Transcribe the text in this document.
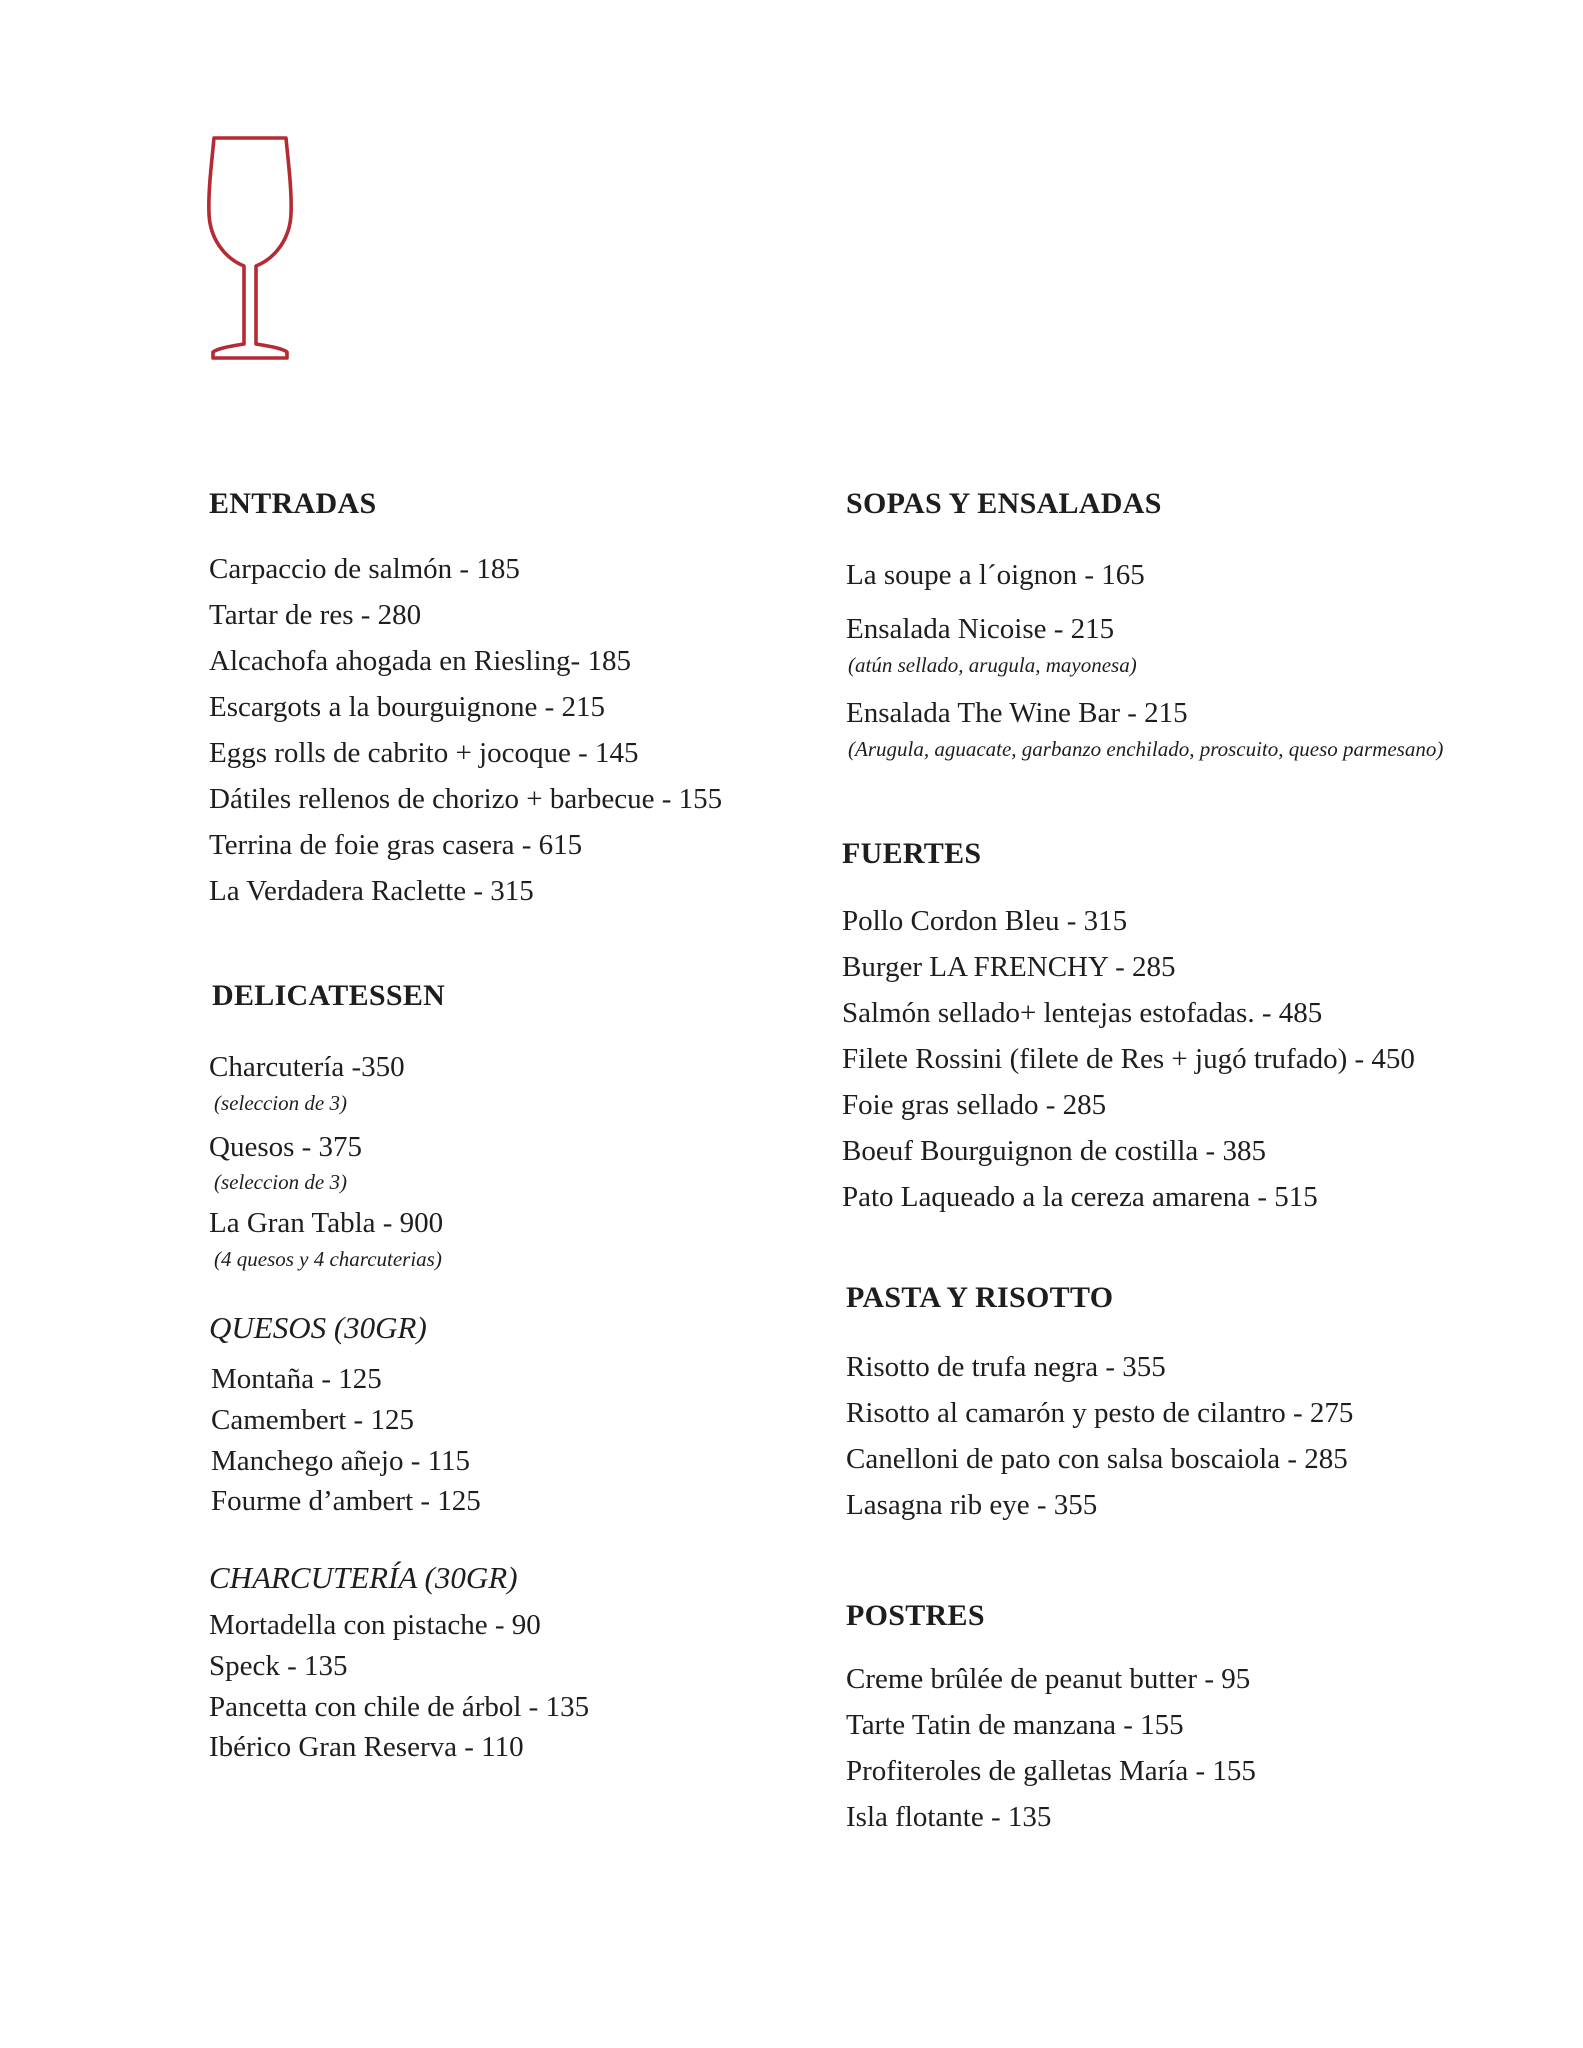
ENTRADAS
Carpaccio de salmón - 185
Tartar de res - 280
Alcachofa ahogada en Riesling- 185
Escargots a la bourguignone - 215
Eggs rolls de cabrito + jocoque - 145
Dátiles rellenos de chorizo + barbecue - 155
Terrina de foie gras casera - 615
La Verdadera Raclette - 315
DELICATESSEN
Charcutería -350
(seleccion de 3)
Quesos - 375
(seleccion de 3)
La Gran Tabla - 900
(4 quesos y 4 charcuterias)
QUESOS (30GR)
Montaña - 125
Camembert - 125
Manchego añejo - 115
Fourme d’ambert - 125
CHARCUTERÍA (30GR)
Mortadella con pistache - 90
Speck - 135
Pancetta con chile de árbol - 135
Ibérico Gran Reserva - 110
SOPAS Y ENSALADAS
La soupe a l´oignon - 165
Ensalada Nicoise - 215
(atún sellado, arugula, mayonesa)
Ensalada The Wine Bar - 215
(Arugula, aguacate, garbanzo enchilado, proscuito, queso parmesano)
FUERTES
Pollo Cordon Bleu - 315
Burger LA FRENCHY - 285
Salmón sellado+ lentejas estofadas. - 485
Filete Rossini (filete de Res + jugó trufado) - 450
Foie gras sellado - 285
Boeuf Bourguignon de costilla - 385
Pato Laqueado a la cereza amarena - 515
PASTA Y RISOTTO
Risotto de trufa negra - 355
Risotto al camarón y pesto de cilantro - 275
Canelloni de pato con salsa boscaiola - 285
Lasagna rib eye - 355
POSTRES
Creme brûlée de peanut butter - 95
Tarte Tatin de manzana - 155
Profiteroles de galletas María - 155
Isla flotante - 135
